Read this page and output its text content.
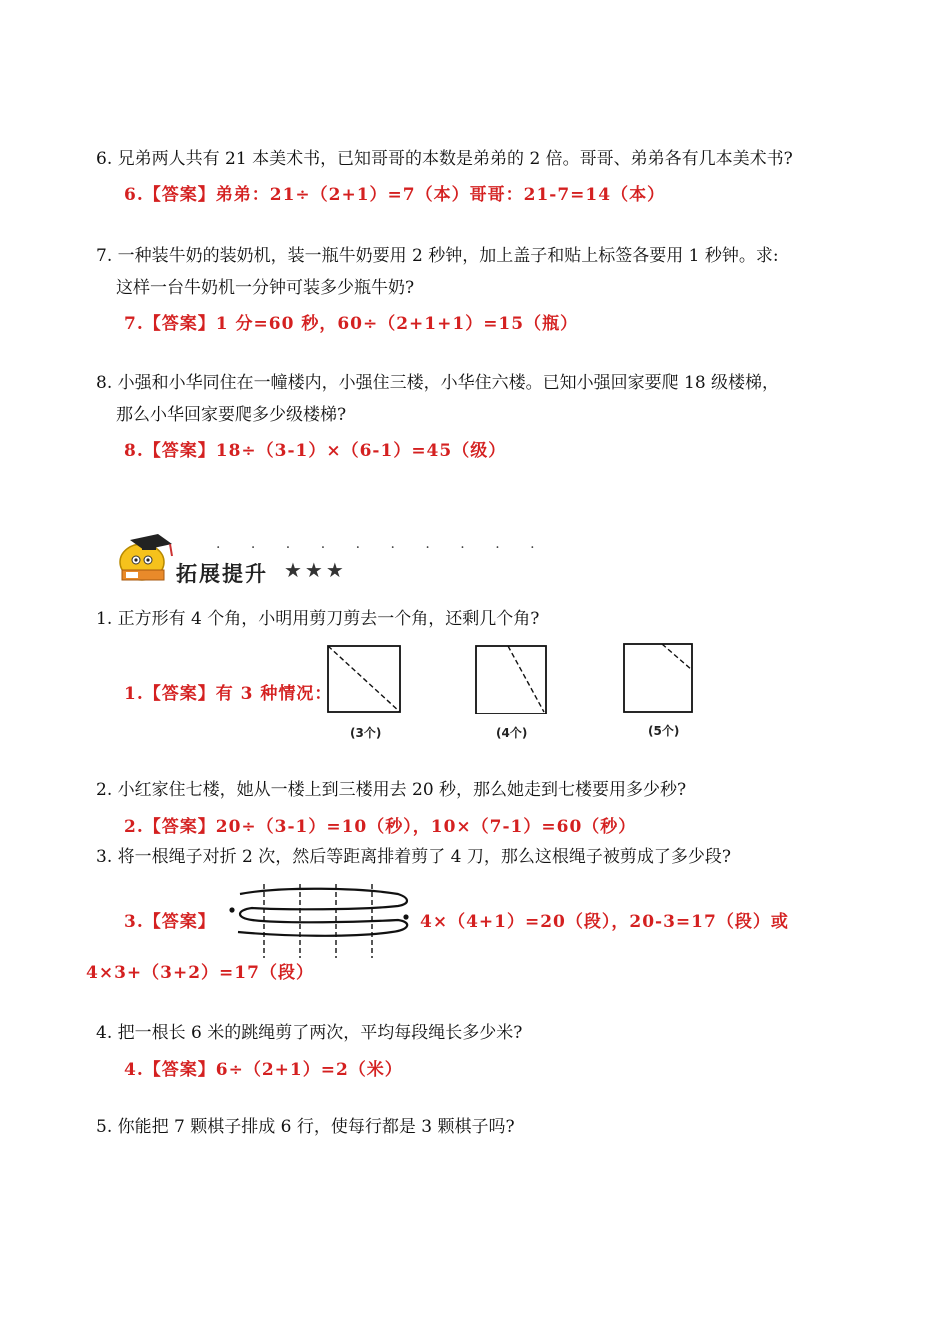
6. 兄弟两人共有 21 本美术书，已知哥哥的本数是弟弟的 2 倍。哥哥、弟弟各有几本美术书?
6.【答案】弟弟：21÷（2+1）=7（本）哥哥：21-7=14（本）
7. 一种装牛奶的装奶机，装一瓶牛奶要用 2 秒钟，加上盖子和贴上标签各要用 1 秒钟。求:
这样一台牛奶机一分钟可装多少瓶牛奶?
7.【答案】1 分=60 秒，60÷（2+1+1）=15（瓶）
8. 小强和小华同住在一幢楼内，小强住三楼，小华住六楼。已知小强回家要爬 18 级楼梯，
那么小华回家要爬多少级楼梯?
8.【答案】18÷（3-1）×（6-1）=45（级）
· · · · · · · · · ·
拓展提升 ★★★
1. 正方形有 4 个角，小明用剪刀剪去一个角，还剩几个角?
1.【答案】有 3 种情况：
(3个)	(4个)	(5个)
2. 小红家住七楼，她从一楼上到三楼用去 20 秒，那么她走到七楼要用多少秒?
2.【答案】20÷（3-1）=10（秒），10×（7-1）=60（秒）
3. 将一根绳子对折 2 次，然后等距离排着剪了 4 刀，那么这根绳子被剪成了多少段?
3.【答案】	4×（4+1）=20（段），20-3=17（段）或
4×3+（3+2）=17（段）
4. 把一根长 6 米的跳绳剪了两次，平均每段绳长多少米?
4.【答案】6÷（2+1）=2（米）
5. 你能把 7 颗棋子排成 6 行，使每行都是 3 颗棋子吗?
